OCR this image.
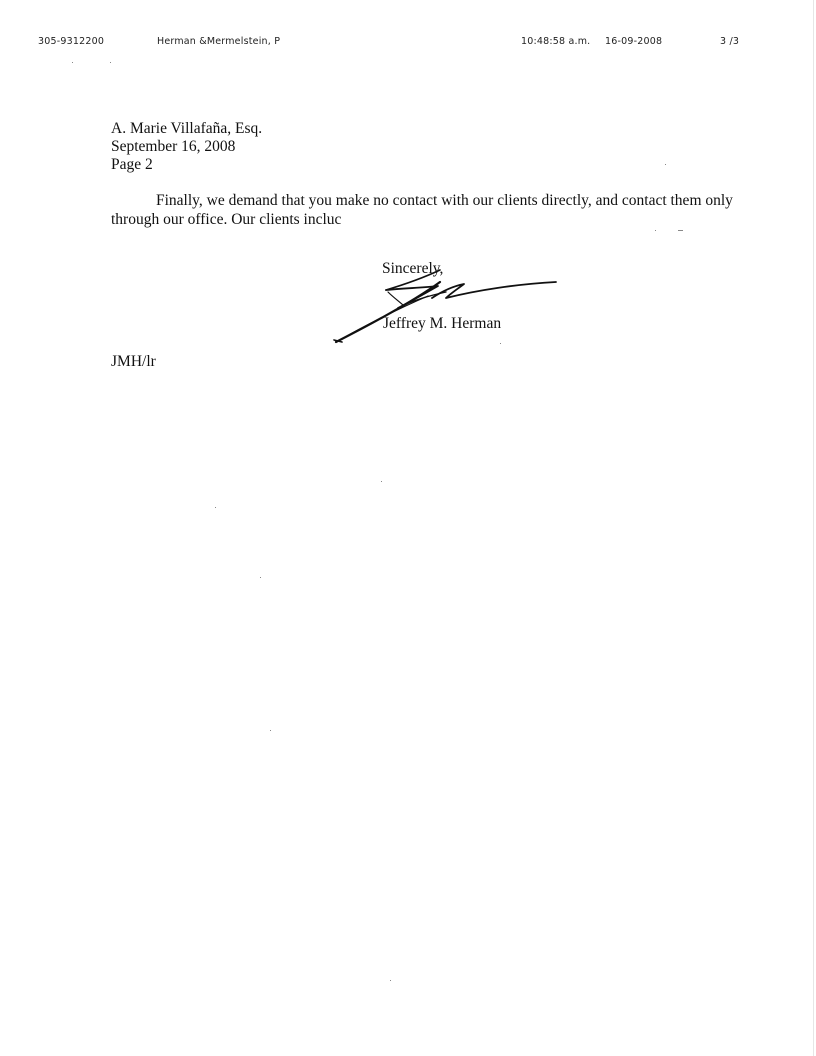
305-9312200	Herman &Mermelstein, P	10:48:58 a.m. 16-09-2008	3 /3
A. Marie Villafaña, Esq.
September 16, 2008
Page 2
Finally, we demand that you make no contact with our clients directly, and contact them only
through our office. Our clients incluc
Sincerely,
Jeffrey M. Herman
JMH/lr
